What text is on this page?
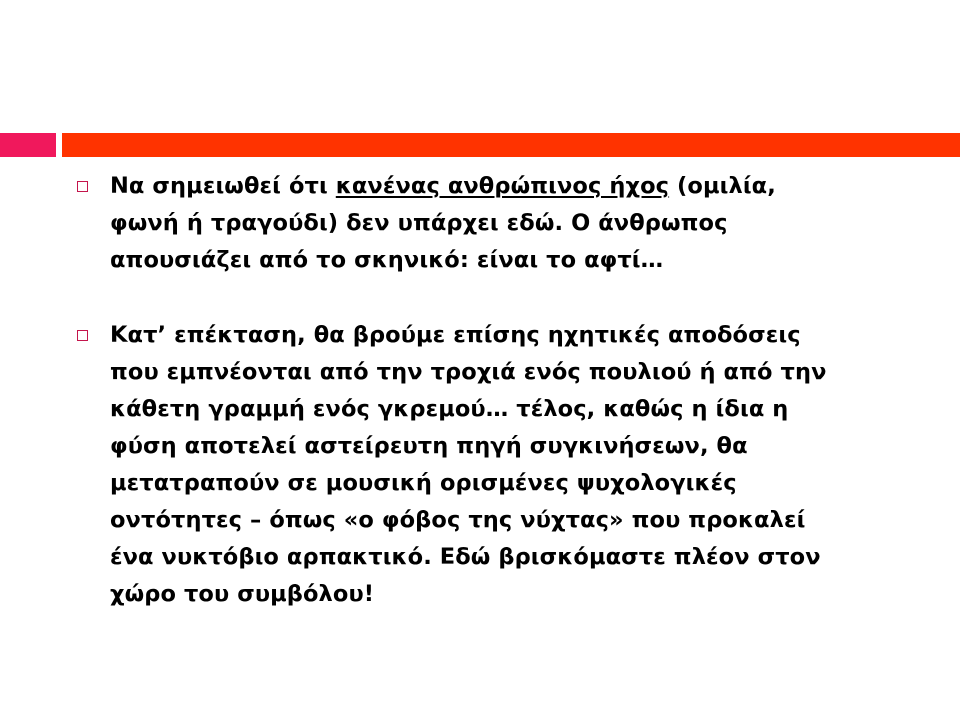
Να σημειωθεί ότι κανένας ανθρώπινος ήχος (ομιλία,
φωνή ή τραγούδι) δεν υπάρχει εδώ. Ο άνθρωπος
απουσιάζει από το σκηνικό: είναι το αφτί…
Κατ’ επέκταση, θα βρούμε επίσης ηχητικές αποδόσεις
που εμπνέονται από την τροχιά ενός πουλιού ή από την
κάθετη γραμμή ενός γκρεμού… τέλος, καθώς η ίδια η
φύση αποτελεί αστείρευτη πηγή συγκινήσεων, θα
μετατραπούν σε μουσική ορισμένες ψυχολογικές
οντότητες – όπως «ο φόβος της νύχτας» που προκαλεί
ένα νυκτόβιο αρπακτικό. Εδώ βρισκόμαστε πλέον στον
χώρο του συμβόλου!
